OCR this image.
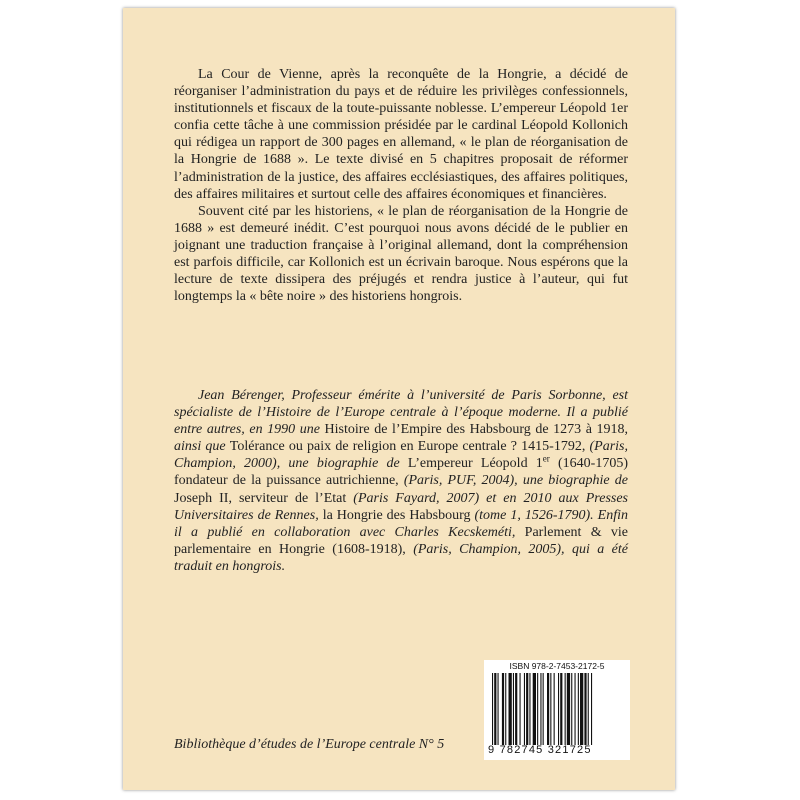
La Cour de Vienne, après la reconquête de la Hongrie, a décidé de réorganiser l’administration du pays et de réduire les privilèges confessionnels, institutionnels et fiscaux de la toute-puissante noblesse. L’empereur Léopold 1er confia cette tâche à une commission présidée par le cardinal Léopold Kollonich qui rédigea un rapport de 300 pages en allemand, « le plan de réorganisation de la Hongrie de 1688 ». Le texte divisé en 5 chapitres proposait de réformer l’administration de la justice, des affaires ecclésiastiques, des affaires politiques, des affaires militaires et surtout celle des affaires économiques et financières.

Souvent cité par les historiens, « le plan de réorganisation de la Hongrie de 1688 » est demeuré inédit. C’est pourquoi nous avons décidé de le publier en joignant une traduction française à l’original allemand, dont la compréhension est parfois difficile, car Kollonich est un écrivain baroque. Nous espérons que la lecture de texte dissipera des préjugés et rendra justice à l’auteur, qui fut longtemps la « bête noire » des historiens hongrois.

Jean Bérenger, Professeur émérite à l’université de Paris Sorbonne, est spécialiste de l’Histoire de l’Europe centrale à l’époque moderne. Il a publié entre autres, en 1990 une Histoire de l’Empire des Habsbourg de 1273 à 1918, ainsi que Tolérance ou paix de religion en Europe centrale ? 1415-1792, (Paris, Champion, 2000), une biographie de L’empereur Léopold 1er (1640-1705) fondateur de la puissance autrichienne, (Paris, PUF, 2004), une biographie de Joseph II, serviteur de l’Etat (Paris Fayard, 2007) et en 2010 aux Presses Universitaires de Rennes, la Hongrie des Habsbourg (tome 1, 1526-1790). Enfin il a publié en collaboration avec Charles Kecskeméti, Parlement & vie parlementaire en Hongrie (1608-1918), (Paris, Champion, 2005), qui a été traduit en hongrois.

Bibliothèque d’études de l’Europe centrale N° 5
ISBN 978-2-7453-2172-5
9 782745 321725
